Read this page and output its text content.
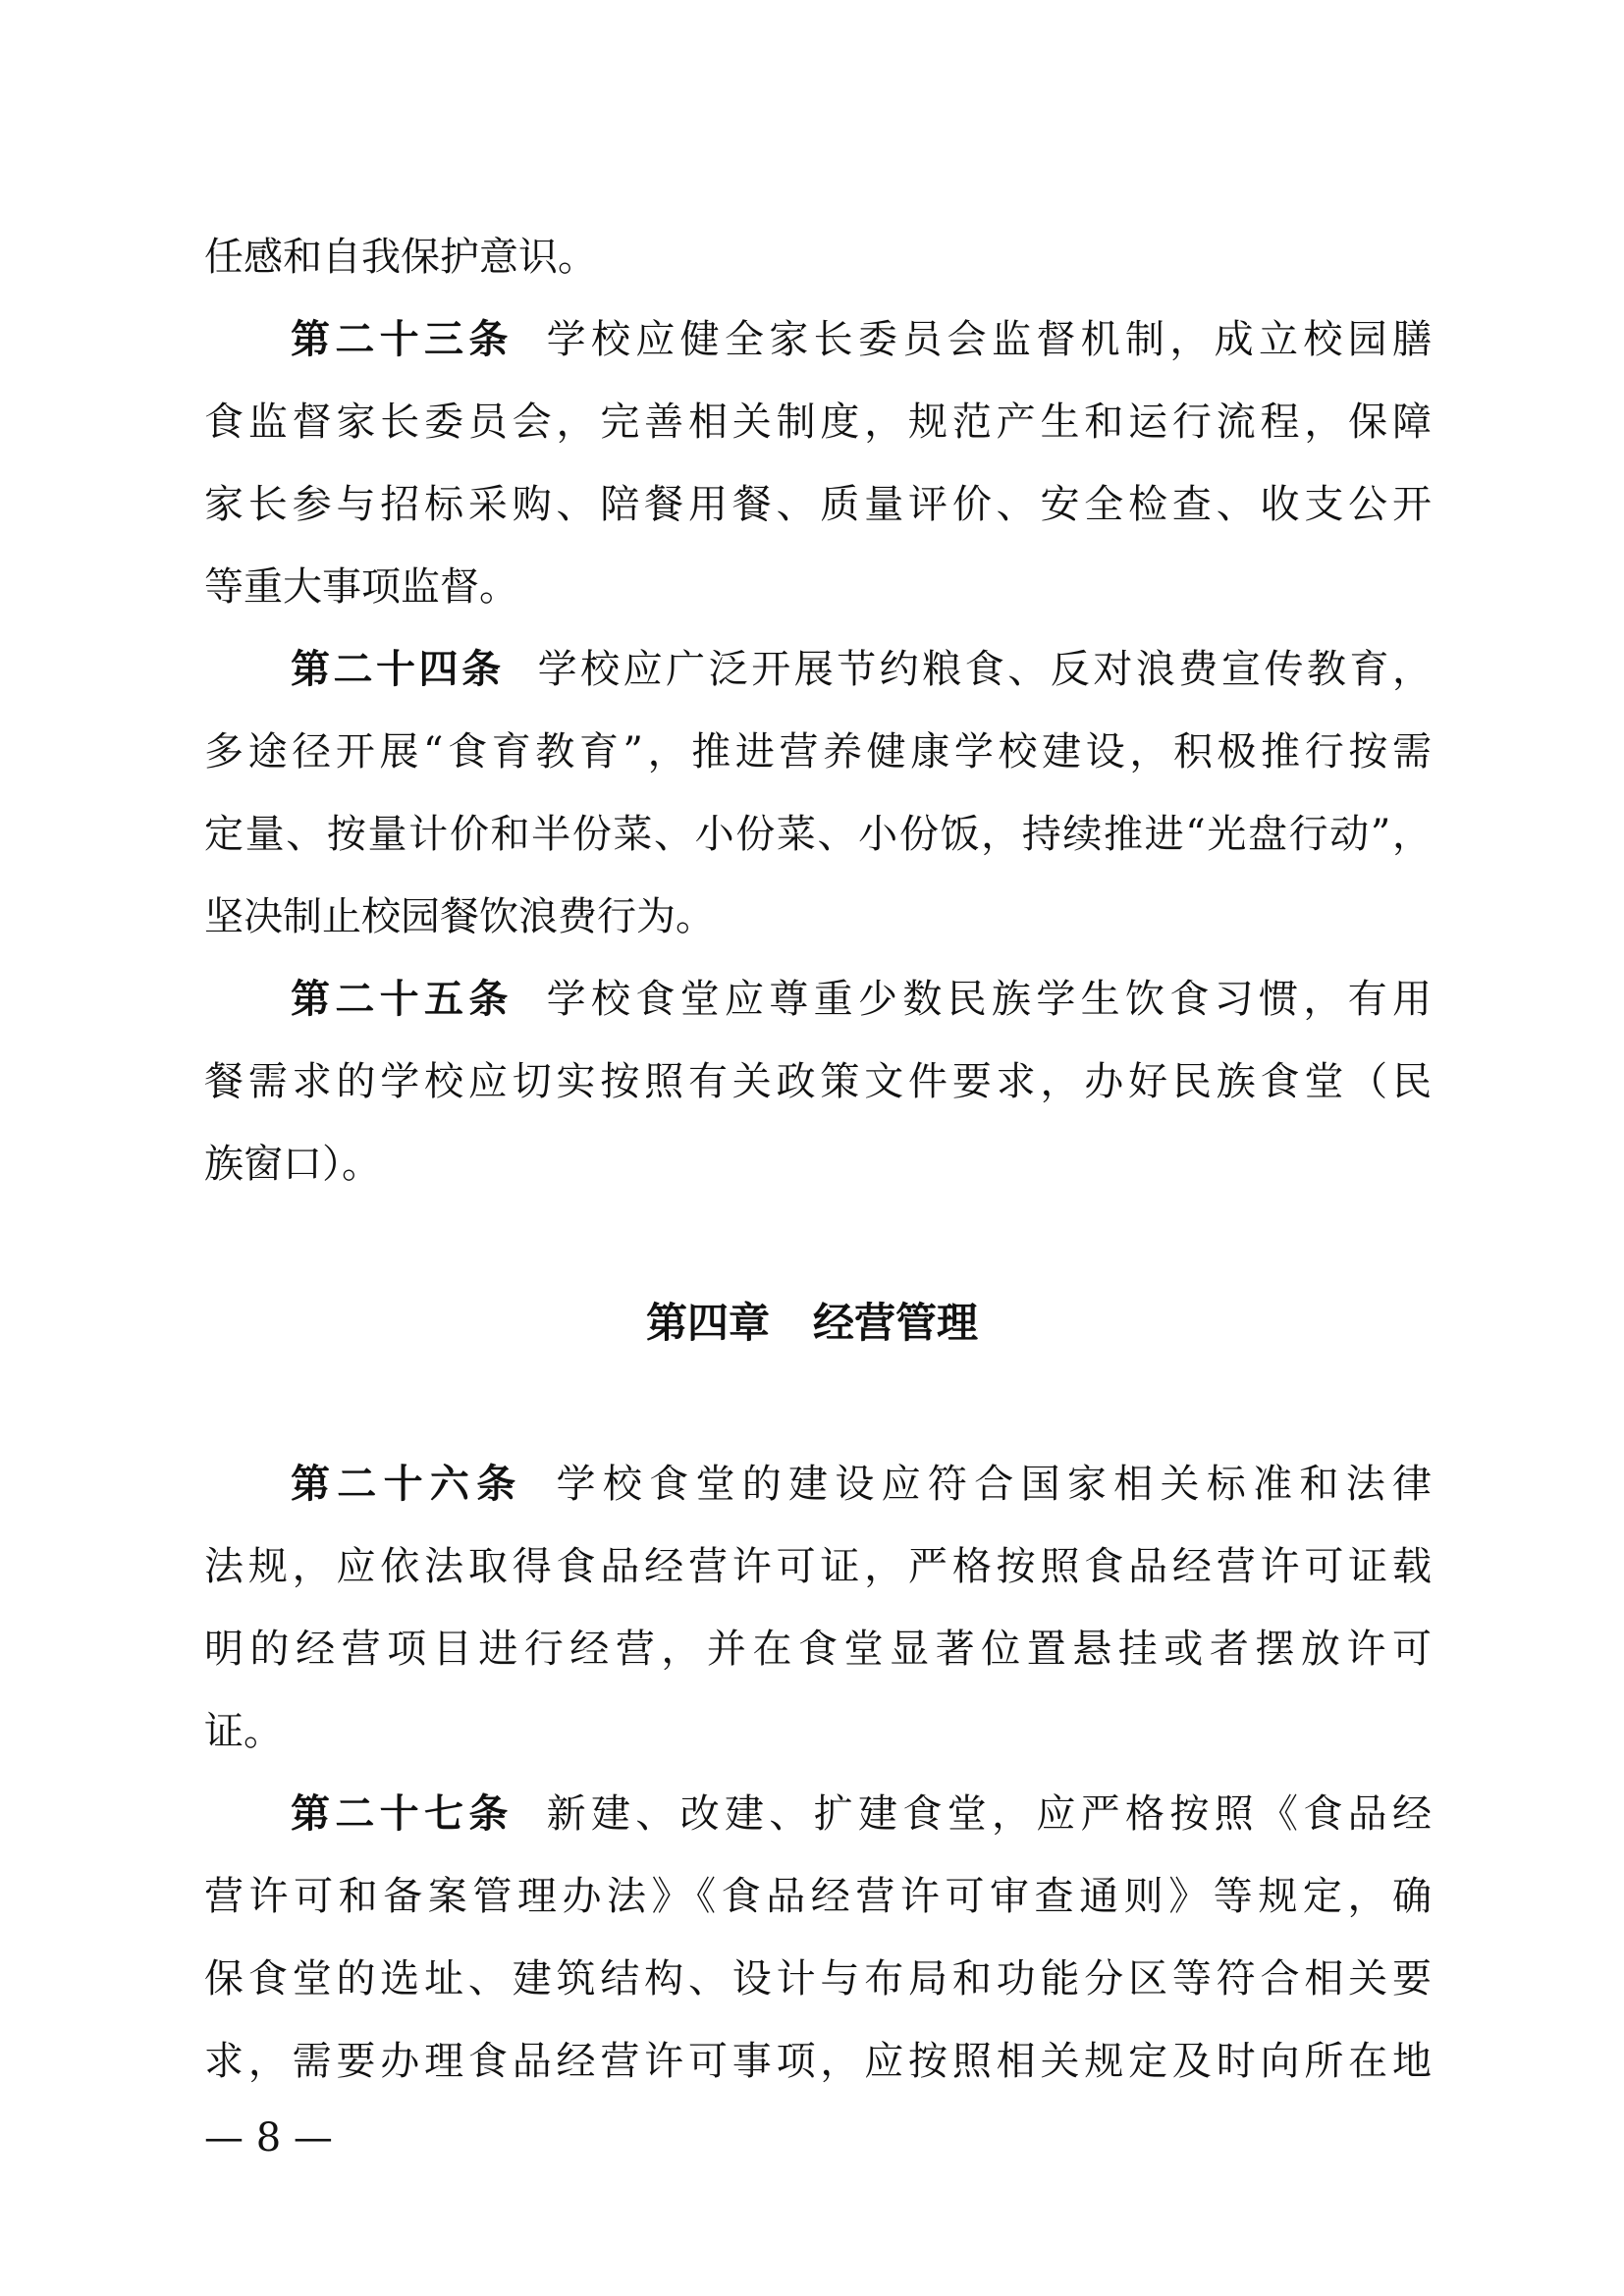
任感和自我保护意识。
第二十三条 学校应健全家长委员会监督机制，成立校园膳
食监督家长委员会，完善相关制度，规范产生和运行流程，保障
家长参与招标采购、陪餐用餐、质量评价、安全检查、收支公开
等重大事项监督。
第二十四条 学校应广泛开展节约粮食、反对浪费宣传教育，
多途径开展“食育教育”，推进营养健康学校建设，积极推行按需
定量、按量计价和半份菜、小份菜、小份饭，持续推进“光盘行动”，
坚决制止校园餐饮浪费行为。
第二十五条 学校食堂应尊重少数民族学生饮食习惯，有用
餐需求的学校应切实按照有关政策文件要求，办好民族食堂（民
族窗口）。
第四章 经营管理
第二十六条 学校食堂的建设应符合国家相关标准和法律
法规，应依法取得食品经营许可证，严格按照食品经营许可证载
明的经营项目进行经营，并在食堂显著位置悬挂或者摆放许可
证。
第二十七条 新建、改建、扩建食堂，应严格按照《食品经
营许可和备案管理办法》《食品经营许可审查通则》等规定，确
保食堂的选址、建筑结构、设计与布局和功能分区等符合相关要
求，需要办理食品经营许可事项，应按照相关规定及时向所在地
— 8 —
